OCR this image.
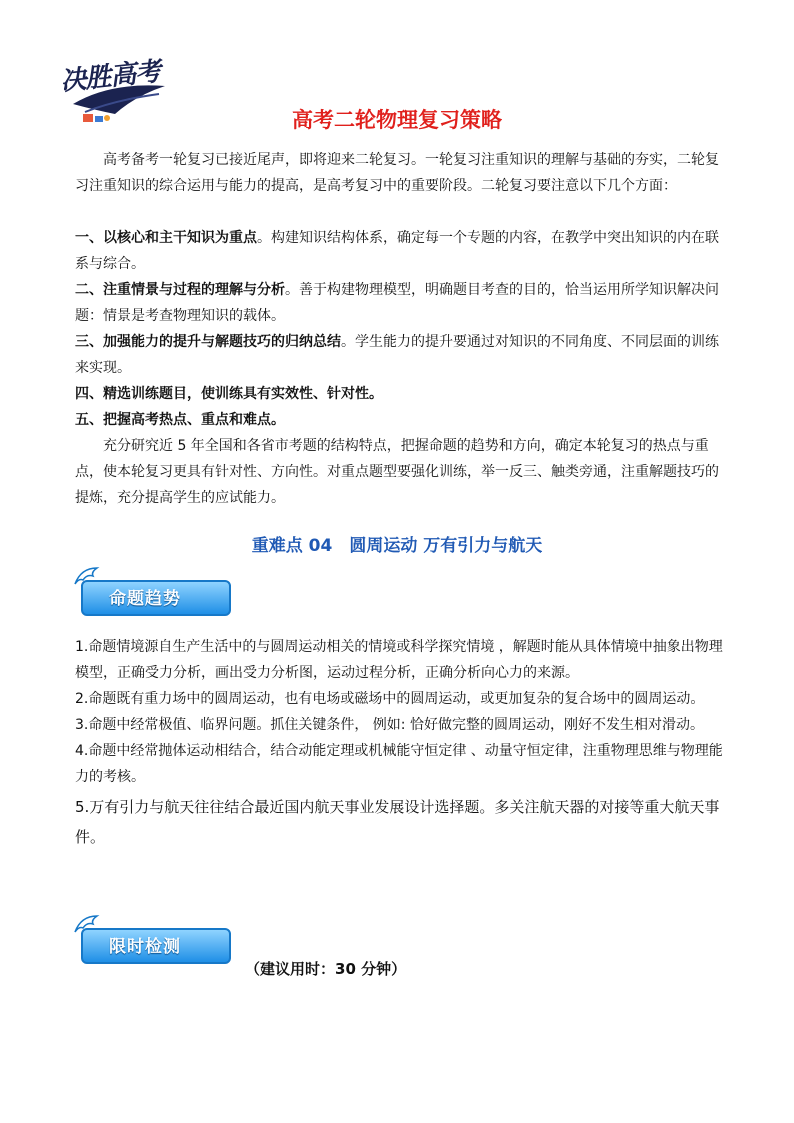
决胜高考
高考二轮物理复习策略
高考备考一轮复习已接近尾声，即将迎来二轮复习。一轮复习注重知识的理解与基础的夯实，二轮复习注重知识的综合运用与能力的提高，是高考复习中的重要阶段。二轮复习要注意以下几个方面：
一、以核心和主干知识为重点。构建知识结构体系，确定每一个专题的内容，在教学中突出知识的内在联系与综合。
二、注重情景与过程的理解与分析。善于构建物理模型，明确题目考查的目的，恰当运用所学知识解决问题：情景是考查物理知识的载体。
三、加强能力的提升与解题技巧的归纳总结。学生能力的提升要通过对知识的不同角度、不同层面的训练来实现。
四、精选训练题目，使训练具有实效性、针对性。
五、把握高考热点、重点和难点。
充分研究近 5 年全国和各省市考题的结构特点，把握命题的趋势和方向，确定本轮复习的热点与重点，使本轮复习更具有针对性、方向性。对重点题型要强化训练，举一反三、触类旁通，注重解题技巧的提炼，充分提高学生的应试能力。
重难点 04　圆周运动 万有引力与航天
命题趋势

1.命题情境源自生产生活中的与圆周运动相关的情境或科学探究情境 ，解题时能从具体情境中抽象出物理模型，正确受力分析，画出受力分析图，运动过程分析，正确分析向心力的来源。

2.命题既有重力场中的圆周运动，也有电场或磁场中的圆周运动，或更加复杂的复合场中的圆周运动。

3.命题中经常极值、临界问题。抓住关键条件， 例如: 恰好做完整的圆周运动，刚好不发生相对滑动。

4.命题中经常抛体运动相结合，结合动能定理或机械能守恒定律 、动量守恒定律，注重物理思维与物理能力的考核。

5.万有引力与航天往往结合最近国内航天事业发展设计选择题。多关注航天器的对接等重大航天事件。

限时检测
（建议用时：30 分钟）
